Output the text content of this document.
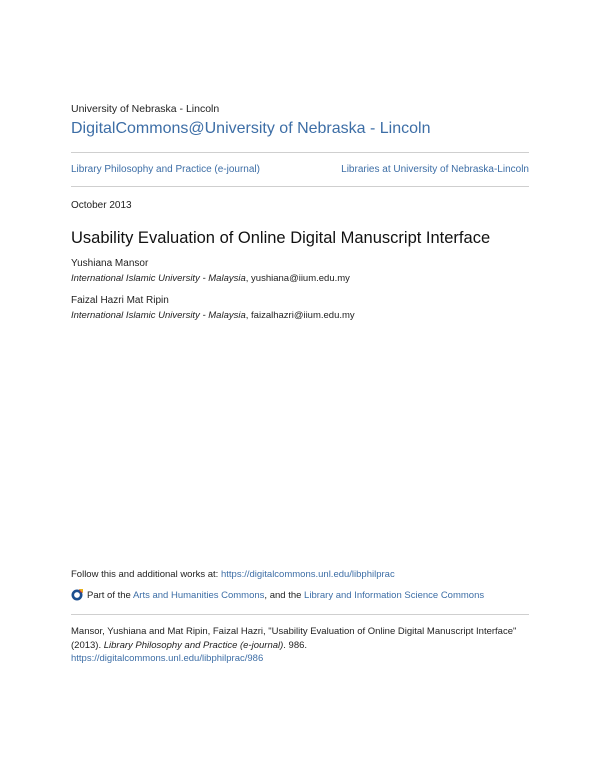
University of Nebraska - Lincoln
DigitalCommons@University of Nebraska - Lincoln
Library Philosophy and Practice (e-journal)	Libraries at University of Nebraska-Lincoln
October 2013
Usability Evaluation of Online Digital Manuscript Interface
Yushiana Mansor
International Islamic University - Malaysia, yushiana@iium.edu.my
Faizal Hazri Mat Ripin
International Islamic University - Malaysia, faizalhazri@iium.edu.my
Follow this and additional works at: https://digitalcommons.unl.edu/libphilprac
Part of the Arts and Humanities Commons, and the Library and Information Science Commons
Mansor, Yushiana and Mat Ripin, Faizal Hazri, "Usability Evaluation of Online Digital Manuscript Interface"
(2013). Library Philosophy and Practice (e-journal). 986.
https://digitalcommons.unl.edu/libphilprac/986
